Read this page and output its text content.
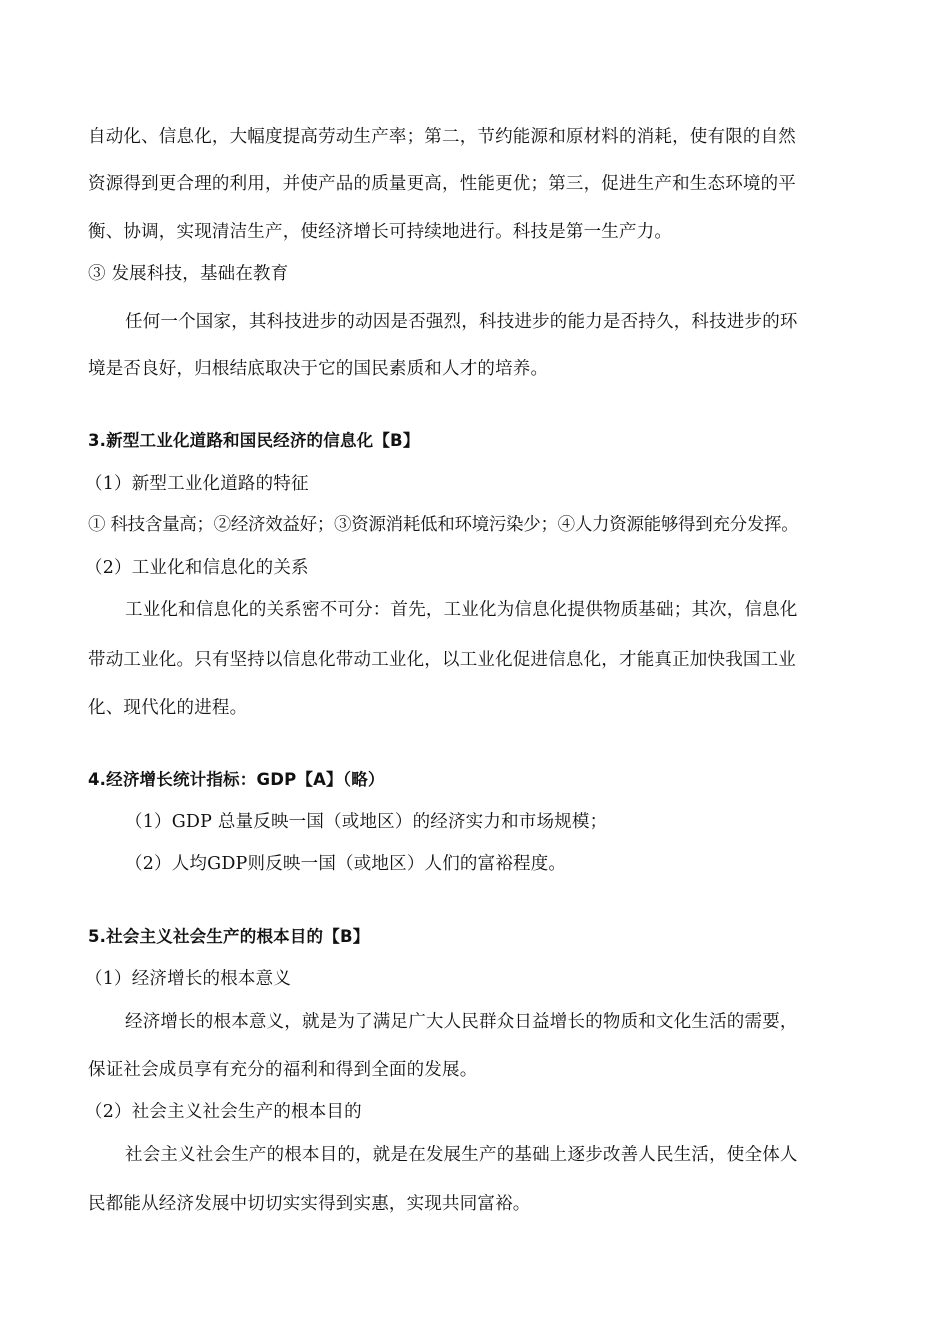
自动化、信息化，大幅度提高劳动生产率；第二，节约能源和原材料的消耗，使有限的自然
资源得到更合理的利用，并使产品的质量更高，性能更优；第三，促进生产和生态环境的平
衡、协调，实现清洁生产，使经济增长可持续地进行。科技是第一生产力。
③ 发展科技，基础在教育
任何一个国家，其科技进步的动因是否强烈，科技进步的能力是否持久，科技进步的环
境是否良好，归根结底取决于它的国民素质和人才的培养。
3.新型工业化道路和国民经济的信息化【B】
（1）新型工业化道路的特征
① 科技含量高；②经济效益好；③资源消耗低和环境污染少；④人力资源能够得到充分发挥。
（2）工业化和信息化的关系
工业化和信息化的关系密不可分：首先，工业化为信息化提供物质基础；其次，信息化
带动工业化。只有坚持以信息化带动工业化，以工业化促进信息化，才能真正加快我国工业
化、现代化的进程。
4.经济增长统计指标：GDP【A】（略）
（1）GDP 总量反映一国（或地区）的经济实力和市场规模；
（2）人均GDP则反映一国（或地区）人们的富裕程度。
5.社会主义社会生产的根本目的【B】
（1）经济增长的根本意义
经济增长的根本意义，就是为了满足广大人民群众日益增长的物质和文化生活的需要，
保证社会成员享有充分的福利和得到全面的发展。
（2）社会主义社会生产的根本目的
社会主义社会生产的根本目的，就是在发展生产的基础上逐步改善人民生活，使全体人
民都能从经济发展中切切实实得到实惠，实现共同富裕。
